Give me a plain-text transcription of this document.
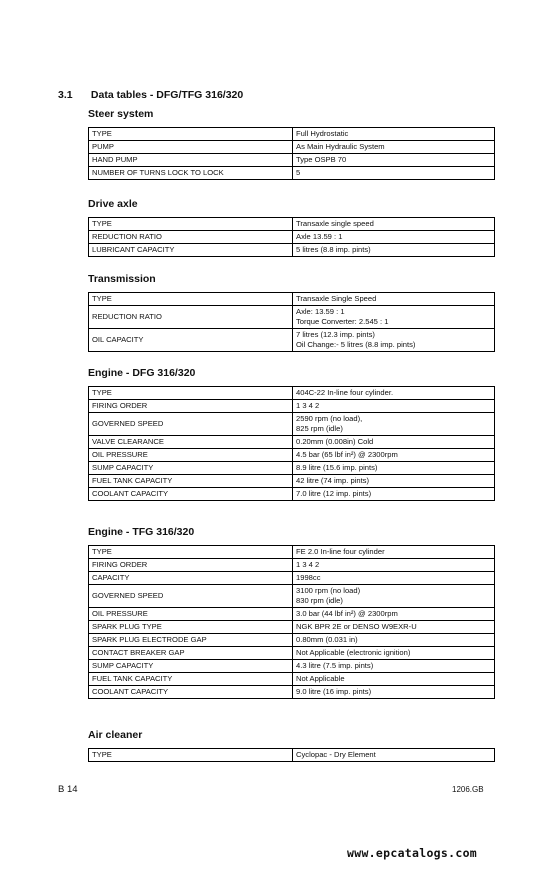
3.1 Data tables - DFG/TFG 316/320
Steer system
TYPE	Full Hydrostatic

PUMP	As Main Hydraulic System

HAND PUMP	Type OSPB 70

NUMBER OF TURNS LOCK TO LOCK	5
Drive axle
TYPE	Transaxle single speed

REDUCTION RATIO	Axle 13.59 : 1

LUBRICANT CAPACITY	5 litres (8.8 imp. pints)
Transmission
TYPE	Transaxle Single Speed

REDUCTION RATIO	Axle: 13.59 : 1
Torque Converter: 2.545 : 1

OIL CAPACITY	7 litres (12.3 imp. pints)
Oil Change:- 5 litres (8.8 imp. pints)
Engine - DFG 316/320
TYPE	404C-22 In-line four cylinder.

FIRING ORDER	1 3 4 2

GOVERNED SPEED	2590 rpm (no load),
825 rpm (idle)

VALVE CLEARANCE	0.20mm (0.008in) Cold

OIL PRESSURE	4.5 bar (65 lbf in²) @ 2300rpm

SUMP CAPACITY	8.9 litre (15.6 imp. pints)

FUEL TANK CAPACITY	42 litre (74 imp. pints)

COOLANT CAPACITY	7.0 litre (12 imp. pints)
Engine - TFG 316/320
TYPE	FE 2.0 In-line four cylinder

FIRING ORDER	1 3 4 2

CAPACITY	1998cc

GOVERNED SPEED	3100 rpm (no load)
830 rpm (idle)

OIL PRESSURE	3.0 bar (44 lbf in²) @ 2300rpm

SPARK PLUG TYPE	NGK BPR 2E or DENSO W9EXR-U

SPARK PLUG ELECTRODE GAP	0.80mm (0.031 in)

CONTACT BREAKER GAP	Not Applicable (electronic ignition)

SUMP CAPACITY	4.3 litre (7.5 imp. pints)

FUEL TANK CAPACITY	Not Applicable

COOLANT CAPACITY	9.0 litre (16 imp. pints)
Air cleaner
TYPE	Cyclopac - Dry Element
B 14	1206.GB
www.epcatalogs.com
